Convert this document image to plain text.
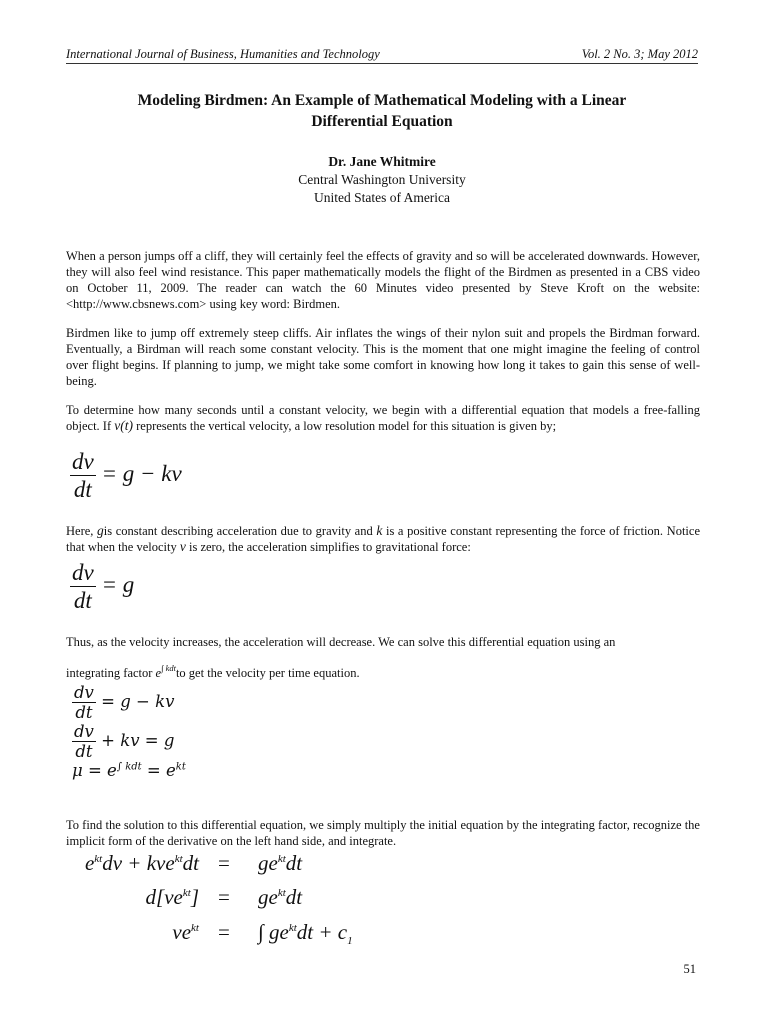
International Journal of Business, Humanities and Technology	Vol. 2 No. 3; May 2012
Modeling Birdmen: An Example of Mathematical Modeling with a Linear
Differential Equation
Dr. Jane Whitmire
Central Washington University
United States of America
When a person jumps off a cliff, they will certainly feel the effects of gravity and so will be accelerated downwards. However, they will also feel wind resistance. This paper mathematically models the flight of the Birdmen as presented in a CBS video on October 11, 2009. The reader can watch the 60 Minutes video presented by Steve Kroft on the website: <http://www.cbsnews.com> using key word: Birdmen.
Birdmen like to jump off extremely steep cliffs. Air inflates the wings of their nylon suit and propels the Birdman forward. Eventually, a Birdman will reach some constant velocity. This is the moment that one might imagine the feeling of control over flight begins. If planning to jump, we might take some comfort in knowing how long it takes to gain this sense of well-being.
To determine how many seconds until a constant velocity, we begin with a differential equation that models a free-falling object. If v(t) represents the vertical velocity, a low resolution model for this situation is given by;
$\frac{dv}{dt} = g$ − kv
Here, gis constant describing acceleration due to gravity and k is a positive constant representing the force of friction. Notice that when the velocity v is zero, the acceleration simplifies to gravitational force:
$\frac{dv}{dt} = g$
Thus, as the velocity increases, the acceleration will decrease. We can solve this differential equation using an
integrating factor $e^{\int kdt}to$ get the velocity per time equation.
$\frac{dv}{dt} = g$ − kv
$\frac{dv}{dt}$ + kv = g
$\mu = e^{\int kdt} = e^{kt}$
To find the solution to this differential equation, we simply multiply the initial equation by the integrating factor, recognize the implicit form of the derivative on the left hand side, and integrate.
$e^{kt}dv + kve^{kt}dt = ge^{kt}dt$
$d[ve^{kt}] = ge^{kt}dt$
$ve^{kt}$ = ∫ $ge^{kt}dt + c_1$
51
